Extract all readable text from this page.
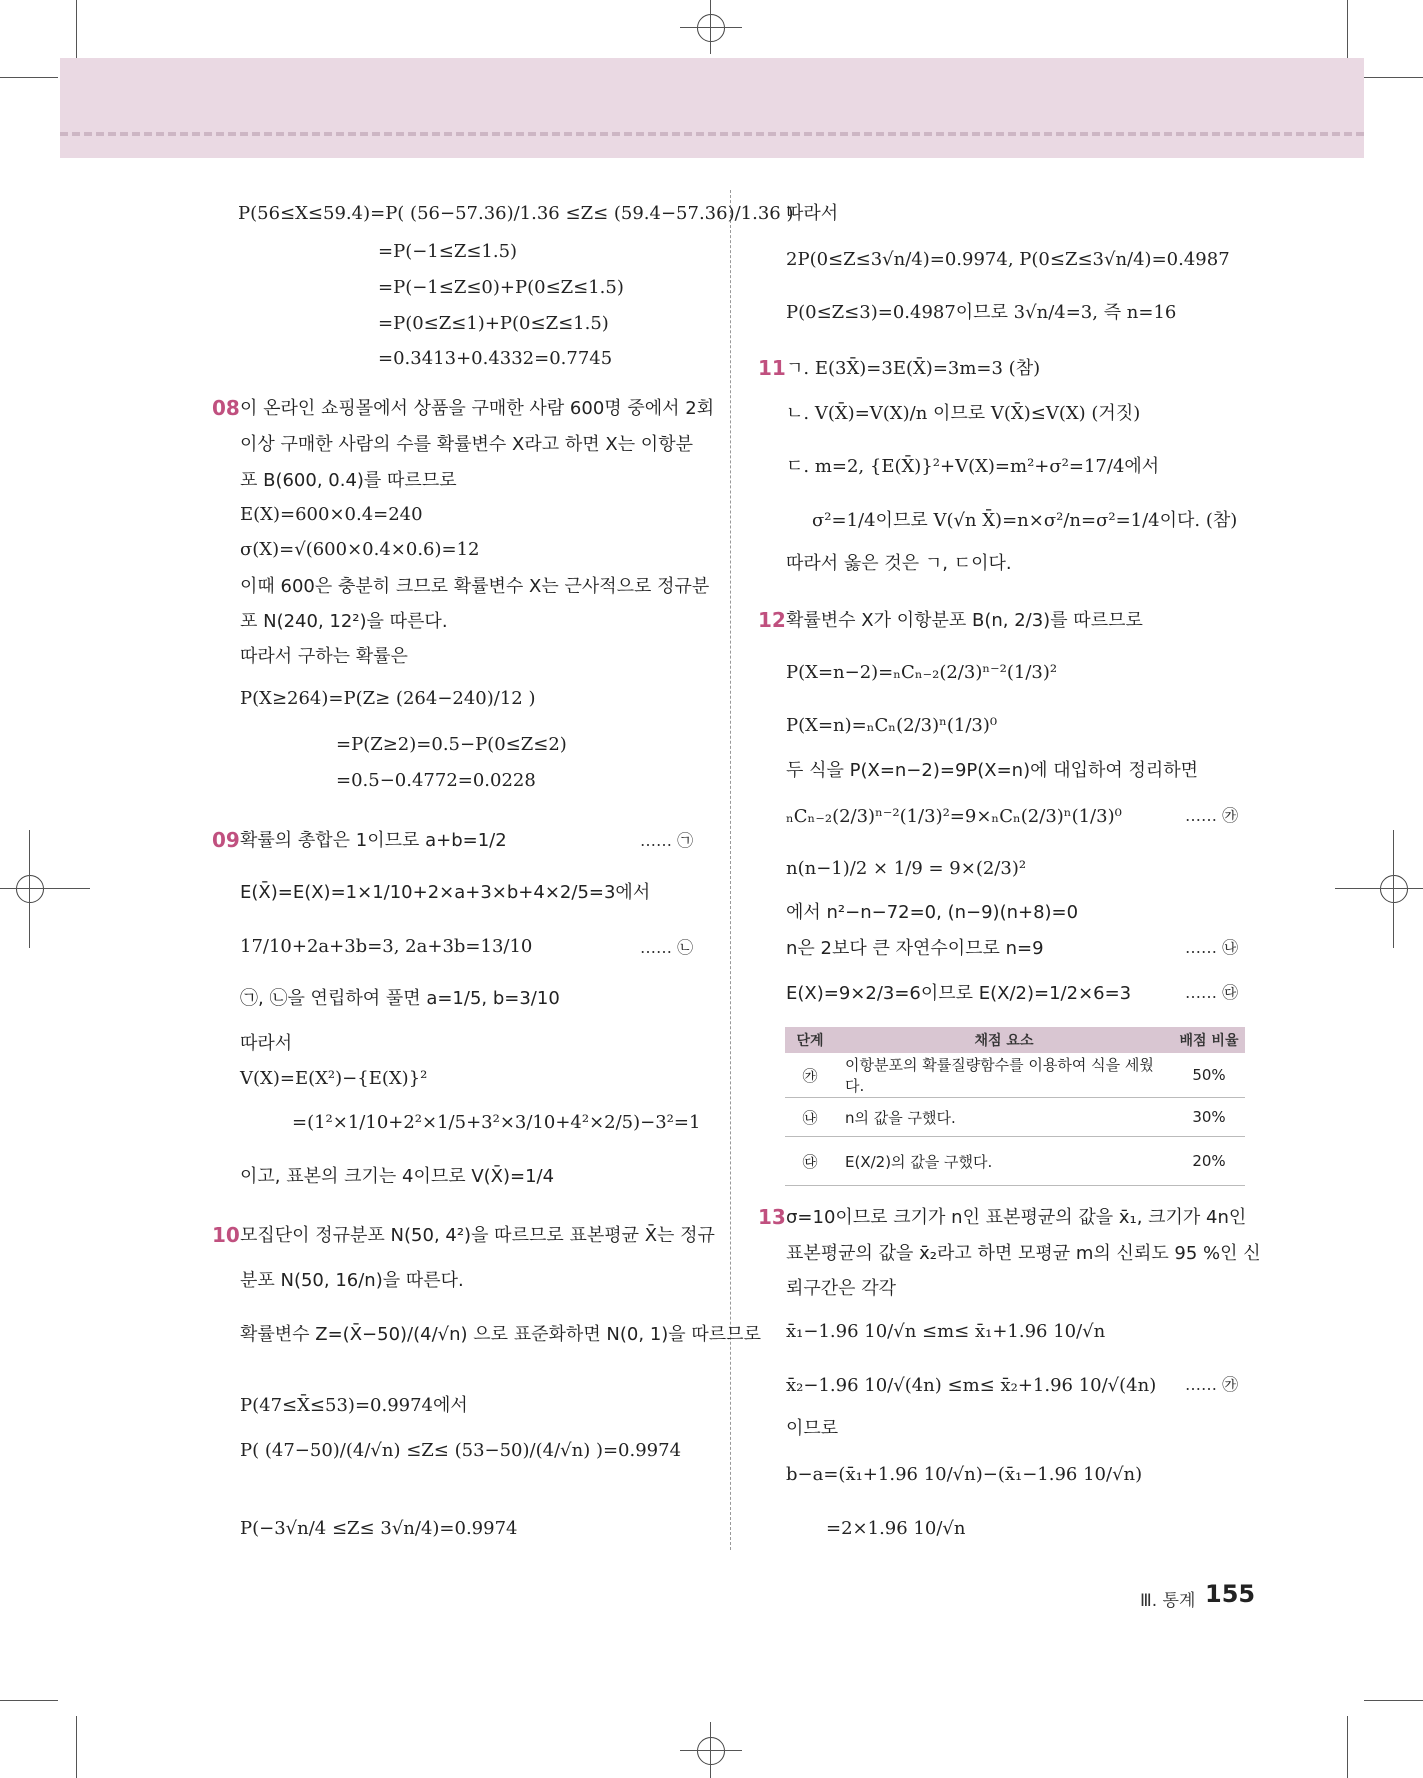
P(56≤X≤59.4)=P( (56−57.36)/1.36 ≤Z≤ (59.4−57.36)/1.36 )
=P(−1≤Z≤1.5)
=P(−1≤Z≤0)+P(0≤Z≤1.5)
=P(0≤Z≤1)+P(0≤Z≤1.5)
=0.3413+0.4332=0.7745
08 이 온라인 쇼핑몰에서 상품을 구매한 사람 600명 중에서 2회
이상 구매한 사람의 수를 확률변수 X라고 하면 X는 이항분
포 B(600, 0.4)를 따르므로
E(X)=600×0.4=240
σ(X)=√(600×0.4×0.6)=12
이때 600은 충분히 크므로 확률변수 X는 근사적으로 정규분
포 N(240, 12²)을 따른다.
따라서 구하는 확률은
P(X≥264)=P(Z≥ (264−240)/12 )
=P(Z≥2)=0.5−P(0≤Z≤2)
=0.5−0.4772=0.0228
09 확률의 총합은 1이므로 a+b=1/2	…… ㉠
E(X̄)=E(X)=1×1/10+2×a+3×b+4×2/5=3에서
17/10+2a+3b=3, 2a+3b=13/10	…… ㉡
㉠, ㉡을 연립하여 풀면 a=1/5, b=3/10
따라서
V(X)=E(X²)−{E(X)}²
=(1²×1/10+2²×1/5+3²×3/10+4²×2/5)−3²=1
이고, 표본의 크기는 4이므로 V(X̄)=1/4
10 모집단이 정규분포 N(50, 4²)을 따르므로 표본평균 X̄는 정규
분포 N(50, 16/n)을 따른다.
확률변수 Z=(X̄−50)/(4/√n) 으로 표준화하면 N(0, 1)을 따르므로
P(47≤X̄≤53)=0.9974에서
P( (47−50)/(4/√n) ≤Z≤ (53−50)/(4/√n) )=0.9974
P(−3√n/4 ≤Z≤ 3√n/4)=0.9974
따라서
2P(0≤Z≤3√n/4)=0.9974, P(0≤Z≤3√n/4)=0.4987
P(0≤Z≤3)=0.4987이므로 3√n/4=3, 즉 n=16
11 ㄱ. E(3X̄)=3E(X̄)=3m=3 (참)
ㄴ. V(X̄)=V(X)/n 이므로 V(X̄)≤V(X) (거짓)
ㄷ. m=2, {E(X̄)}²+V(X)=m²+σ²=17/4에서
σ²=1/4이므로 V(√n X̄)=n×σ²/n=σ²=1/4이다. (참)
따라서 옳은 것은 ㄱ, ㄷ이다.
12 확률변수 X가 이항분포 B(n, 2/3)를 따르므로
P(X=n−2)=ₙCₙ₋₂(2/3)ⁿ⁻²(1/3)²
P(X=n)=ₙCₙ(2/3)ⁿ(1/3)⁰
두 식을 P(X=n−2)=9P(X=n)에 대입하여 정리하면
ₙCₙ₋₂(2/3)ⁿ⁻²(1/3)²=9×ₙCₙ(2/3)ⁿ(1/3)⁰	…… ㉮
n(n−1)/2 × 1/9 = 9×(2/3)²
에서 n²−n−72=0, (n−9)(n+8)=0
n은 2보다 큰 자연수이므로 n=9	…… ㉯
E(X)=9×2/3=6이므로 E(X/2)=1/2×6=3	…… ㉰
단계	채점 요소	배점 비율
㉮	이항분포의 확률질량함수를 이용하여 식을 세웠다.	50%
㉯	n의 값을 구했다.	30%
㉰	E(X/2)의 값을 구했다.	20%
13 σ=10이므로 크기가 n인 표본평균의 값을 x̄₁, 크기가 4n인
표본평균의 값을 x̄₂라고 하면 모평균 m의 신뢰도 95 %인 신
뢰구간은 각각
x̄₁−1.96 10/√n ≤m≤ x̄₁+1.96 10/√n
x̄₂−1.96 10/√(4n) ≤m≤ x̄₂+1.96 10/√(4n) …… ㉮
이므로
b−a=(x̄₁+1.96 10/√n)−(x̄₁−1.96 10/√n)
=2×1.96 10/√n
Ⅲ. 통계 155
